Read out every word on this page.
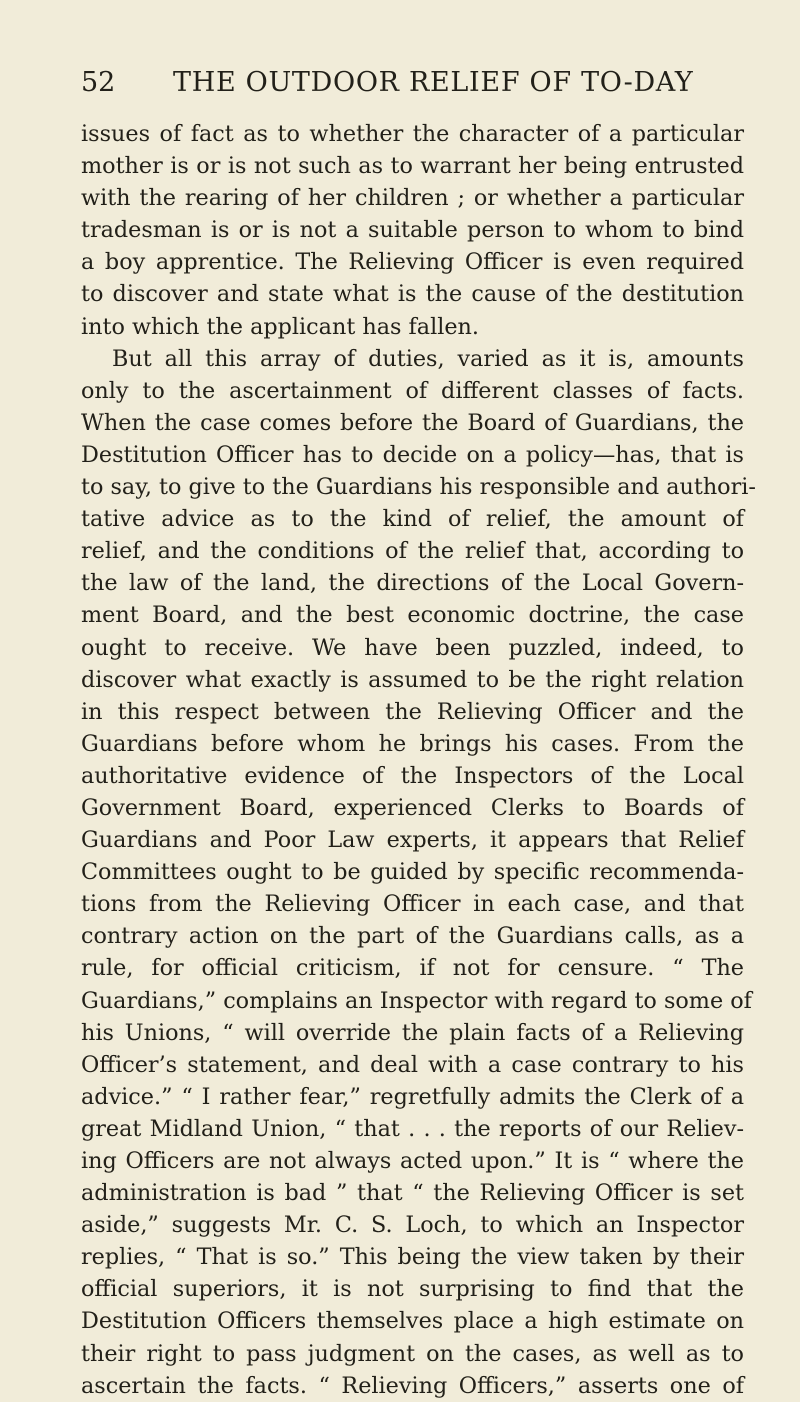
52 THE OUTDOOR RELIEF OF TO-DAY
issues of fact as to whether the character of a particular
mother is or is not such as to warrant her being entrusted
with the rearing of her children ; or whether a particular
tradesman is or is not a suitable person to whom to bind
a boy apprentice. The Relieving Officer is even required
to discover and state what is the cause of the destitution
into which the applicant has fallen.
But all this array of duties, varied as it is, amounts
only to the ascertainment of different classes of facts.
When the case comes before the Board of Guardians, the
Destitution Officer has to decide on a policy—has, that is
to say, to give to the Guardians his responsible and authori-
tative advice as to the kind of relief, the amount of
relief, and the conditions of the relief that, according to
the law of the land, the directions of the Local Govern-
ment Board, and the best economic doctrine, the case
ought to receive. We have been puzzled, indeed, to
discover what exactly is assumed to be the right relation
in this respect between the Relieving Officer and the
Guardians before whom he brings his cases. From the
authoritative evidence of the Inspectors of the Local
Government Board, experienced Clerks to Boards of
Guardians and Poor Law experts, it appears that Relief
Committees ought to be guided by specific recommenda-
tions from the Relieving Officer in each case, and that
contrary action on the part of the Guardians calls, as a
rule, for official criticism, if not for censure. “ The
Guardians,” complains an Inspector with regard to some of
his Unions, “ will override the plain facts of a Relieving
Officer’s statement, and deal with a case contrary to his
advice.” “ I rather fear,” regretfully admits the Clerk of a
great Midland Union, “ that . . . the reports of our Reliev-
ing Officers are not always acted upon.” It is “ where the
administration is bad ” that “ the Relieving Officer is set
aside,” suggests Mr. C. S. Loch, to which an Inspector
replies, “ That is so.” This being the view taken by their
official superiors, it is not surprising to find that the
Destitution Officers themselves place a high estimate on
their right to pass judgment on the cases, as well as to
ascertain the facts. “ Relieving Officers,” asserts one of
